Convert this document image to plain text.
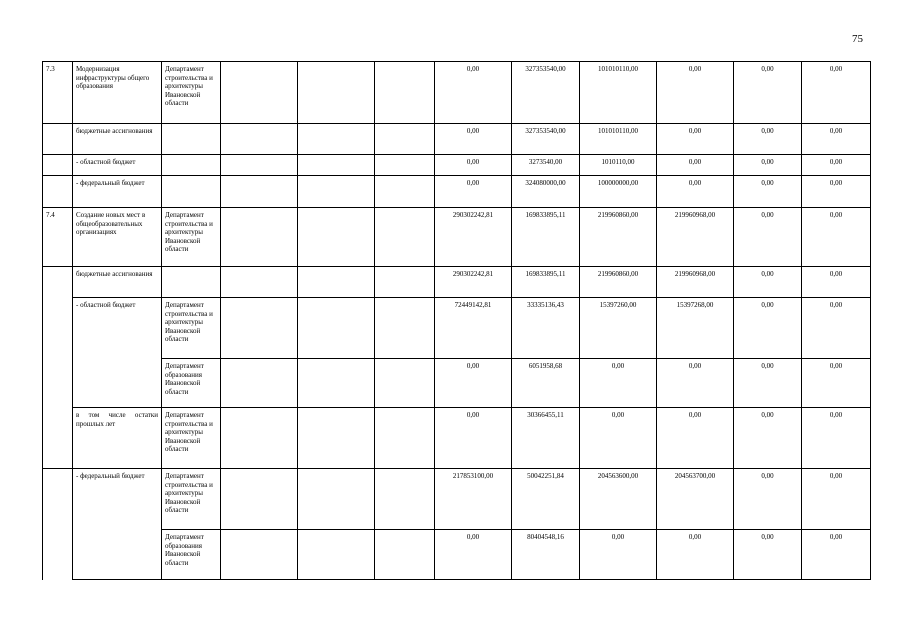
75
7.3	Модернизация инфраструктуры общего образования	Департамент строительства и архитектуры Ивановской области				0,00	327353540,00	101010110,00	0,00	0,00	0,00
	бюджетные ассигнования					0,00	327353540,00	101010110,00	0,00	0,00	0,00
	- областной бюджет					0,00	3273540,00	1010110,00	0,00	0,00	0,00
	- федеральный бюджет					0,00	324080000,00	100000000,00	0,00	0,00	0,00
7.4	Создание новых мест в общеобразовательных организациях	Департамент строительства и архитектуры Ивановской области				290302242,81	169833895,11	219960860,00	219960968,00	0,00	0,00
	бюджетные ассигнования					290302242,81	169833895,11	219960860,00	219960968,00	0,00	0,00
	- областной бюджет	Департамент строительства и архитектуры Ивановской области				72449142,81	33335136,43	15397260,00	15397268,00	0,00	0,00
		Департамент образования Ивановской области				0,00	6051958,68	0,00	0,00	0,00	0,00
	в том числе остатки прошлых лет	Департамент строительства и архитектуры Ивановской области				0,00	30366455,11	0,00	0,00	0,00	0,00
	- федеральный бюджет	Департамент строительства и архитектуры Ивановской области				217853100,00	50042251,84	204563600,00	204563700,00	0,00	0,00
		Департамент образования Ивановской области				0,00	80404548,16	0,00	0,00	0,00	0,00
